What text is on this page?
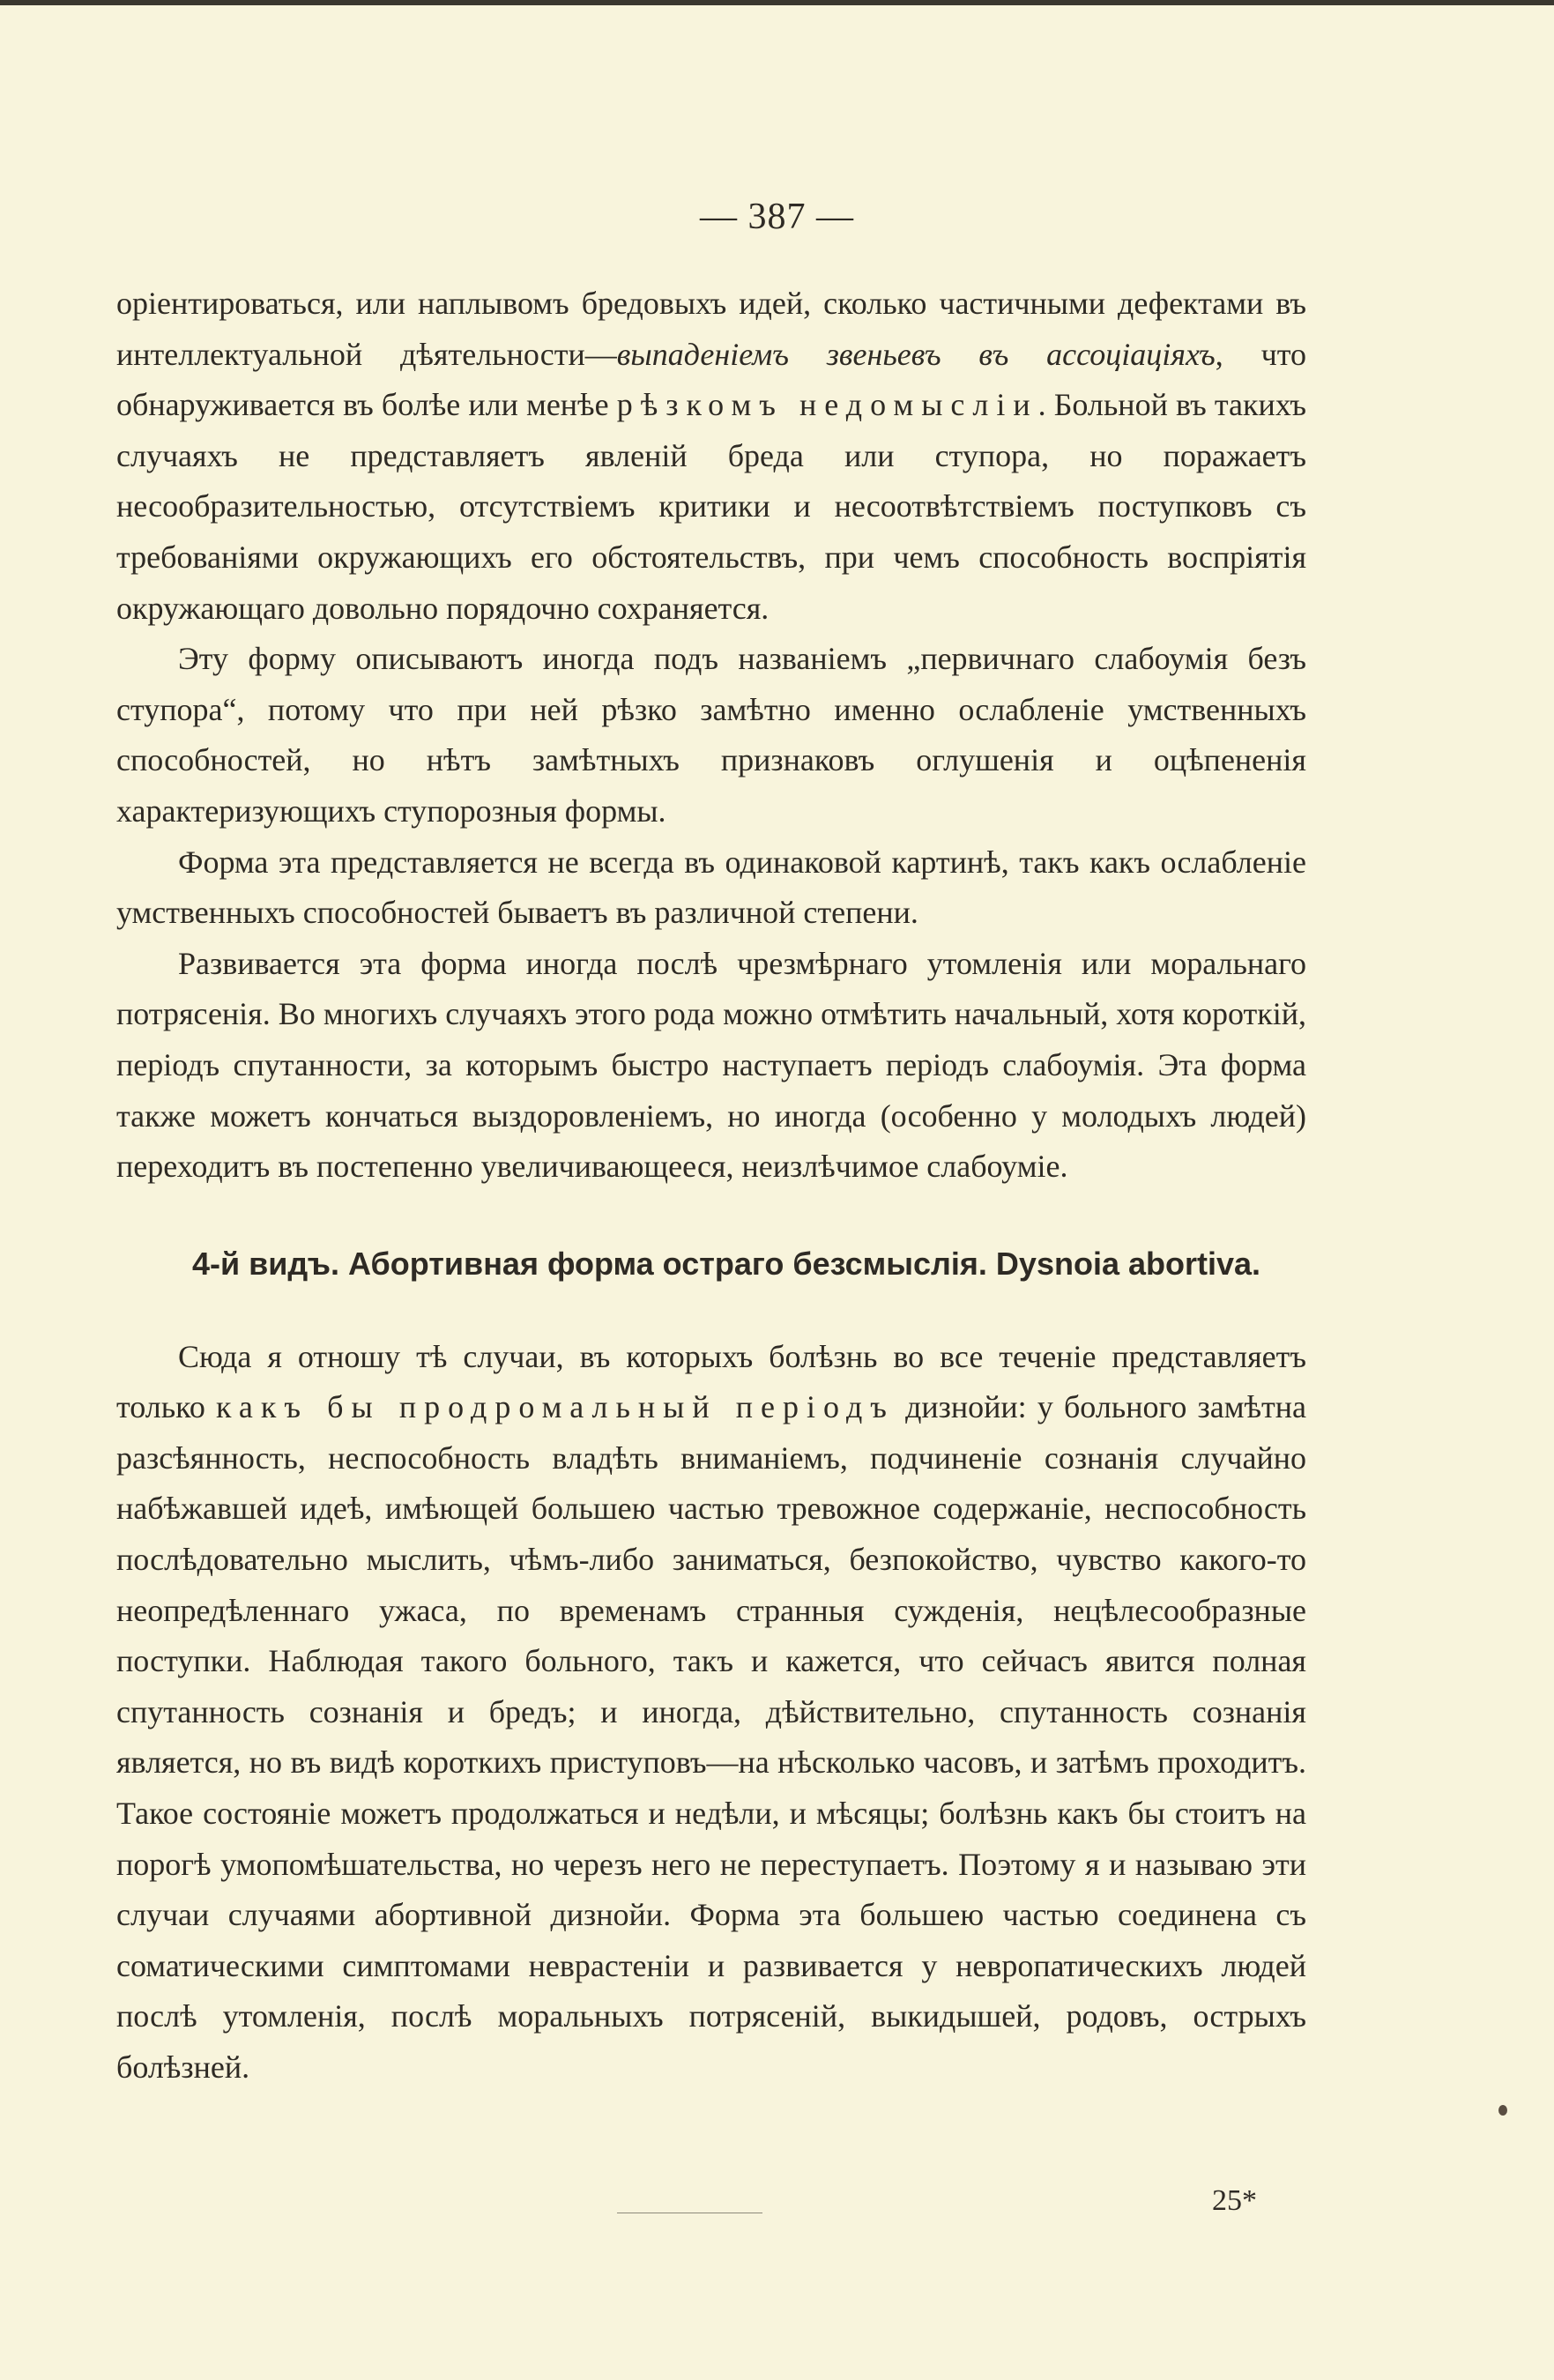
— 387 —

оріентироваться, или наплывомъ бредовыхъ идей, сколько частичными дефектами въ интеллектуальной дѣятельности—выпаденіемъ звеньевъ въ ассоціаціяхъ, что обнаруживается въ болѣе или менѣе рѣзкомъ недомысліи. Больной въ такихъ случаяхъ не представляетъ явленій бреда или ступора, но поражаетъ несообразительностью, отсутствіемъ критики и несоотвѣтствіемъ поступковъ съ требованіями окружающихъ его обстоятельствъ, при чемъ способность воспріятія окружающаго довольно порядочно сохраняется.

Эту форму описываютъ иногда подъ названіемъ „первичнаго слабоумія безъ ступора“, потому что при ней рѣзко замѣтно именно ослабленіе умственныхъ способностей, но нѣтъ замѣтныхъ признаковъ оглушенія и оцѣпененія характеризующихъ ступорозныя формы.

Форма эта представляется не всегда въ одинаковой картинѣ, такъ какъ ослабленіе умственныхъ способностей бываетъ въ различной степени.

Развивается эта форма иногда послѣ чрезмѣрнаго утомленія или моральнаго потрясенія. Во многихъ случаяхъ этого рода можно отмѣтить начальный, хотя короткій, періодъ спутанности, за которымъ быстро наступаетъ періодъ слабоумія. Эта форма также можетъ кончаться выздоровленіемъ, но иногда (особенно у молодыхъ людей) переходитъ въ постепенно увеличивающееся, неизлѣчимое слабоуміе.

4-й видъ. Абортивная форма остраго безсмыслія. Dysnoia abortiva.

Сюда я отношу тѣ случаи, въ которыхъ болѣзнь во все теченіе представляетъ только какъ бы продромальный періодъ дизнойи: у больного замѣтна разсѣянность, неспособность владѣть вниманіемъ, подчиненіе сознанія случайно набѣжавшей идеѣ, имѣющей большею частью тревожное содержаніе, неспособность послѣдовательно мыслить, чѣмъ-либо заниматься, безпокойство, чувство какого-то неопредѣленнаго ужаса, по временамъ странныя сужденія, нецѣлесообразные поступки. Наблюдая такого больного, такъ и кажется, что сейчасъ явится полная спутанность сознанія и бредъ; и иногда, дѣйствительно, спутанность сознанія является, но въ видѣ короткихъ приступовъ—на нѣсколько часовъ, и затѣмъ проходитъ. Такое состояніе можетъ продолжаться и недѣли, и мѣсяцы; болѣзнь какъ бы стоитъ на порогѣ умопомѣшательства, но черезъ него не переступаетъ. Поэтому я и называю эти случаи случаями абортивной дизнойи. Форма эта большею частью соединена съ соматическими симптомами неврастеніи и развивается у невропатическихъ людей послѣ утомленія, послѣ моральныхъ потрясеній, выкидышей, родовъ, острыхъ болѣзней.

25*
